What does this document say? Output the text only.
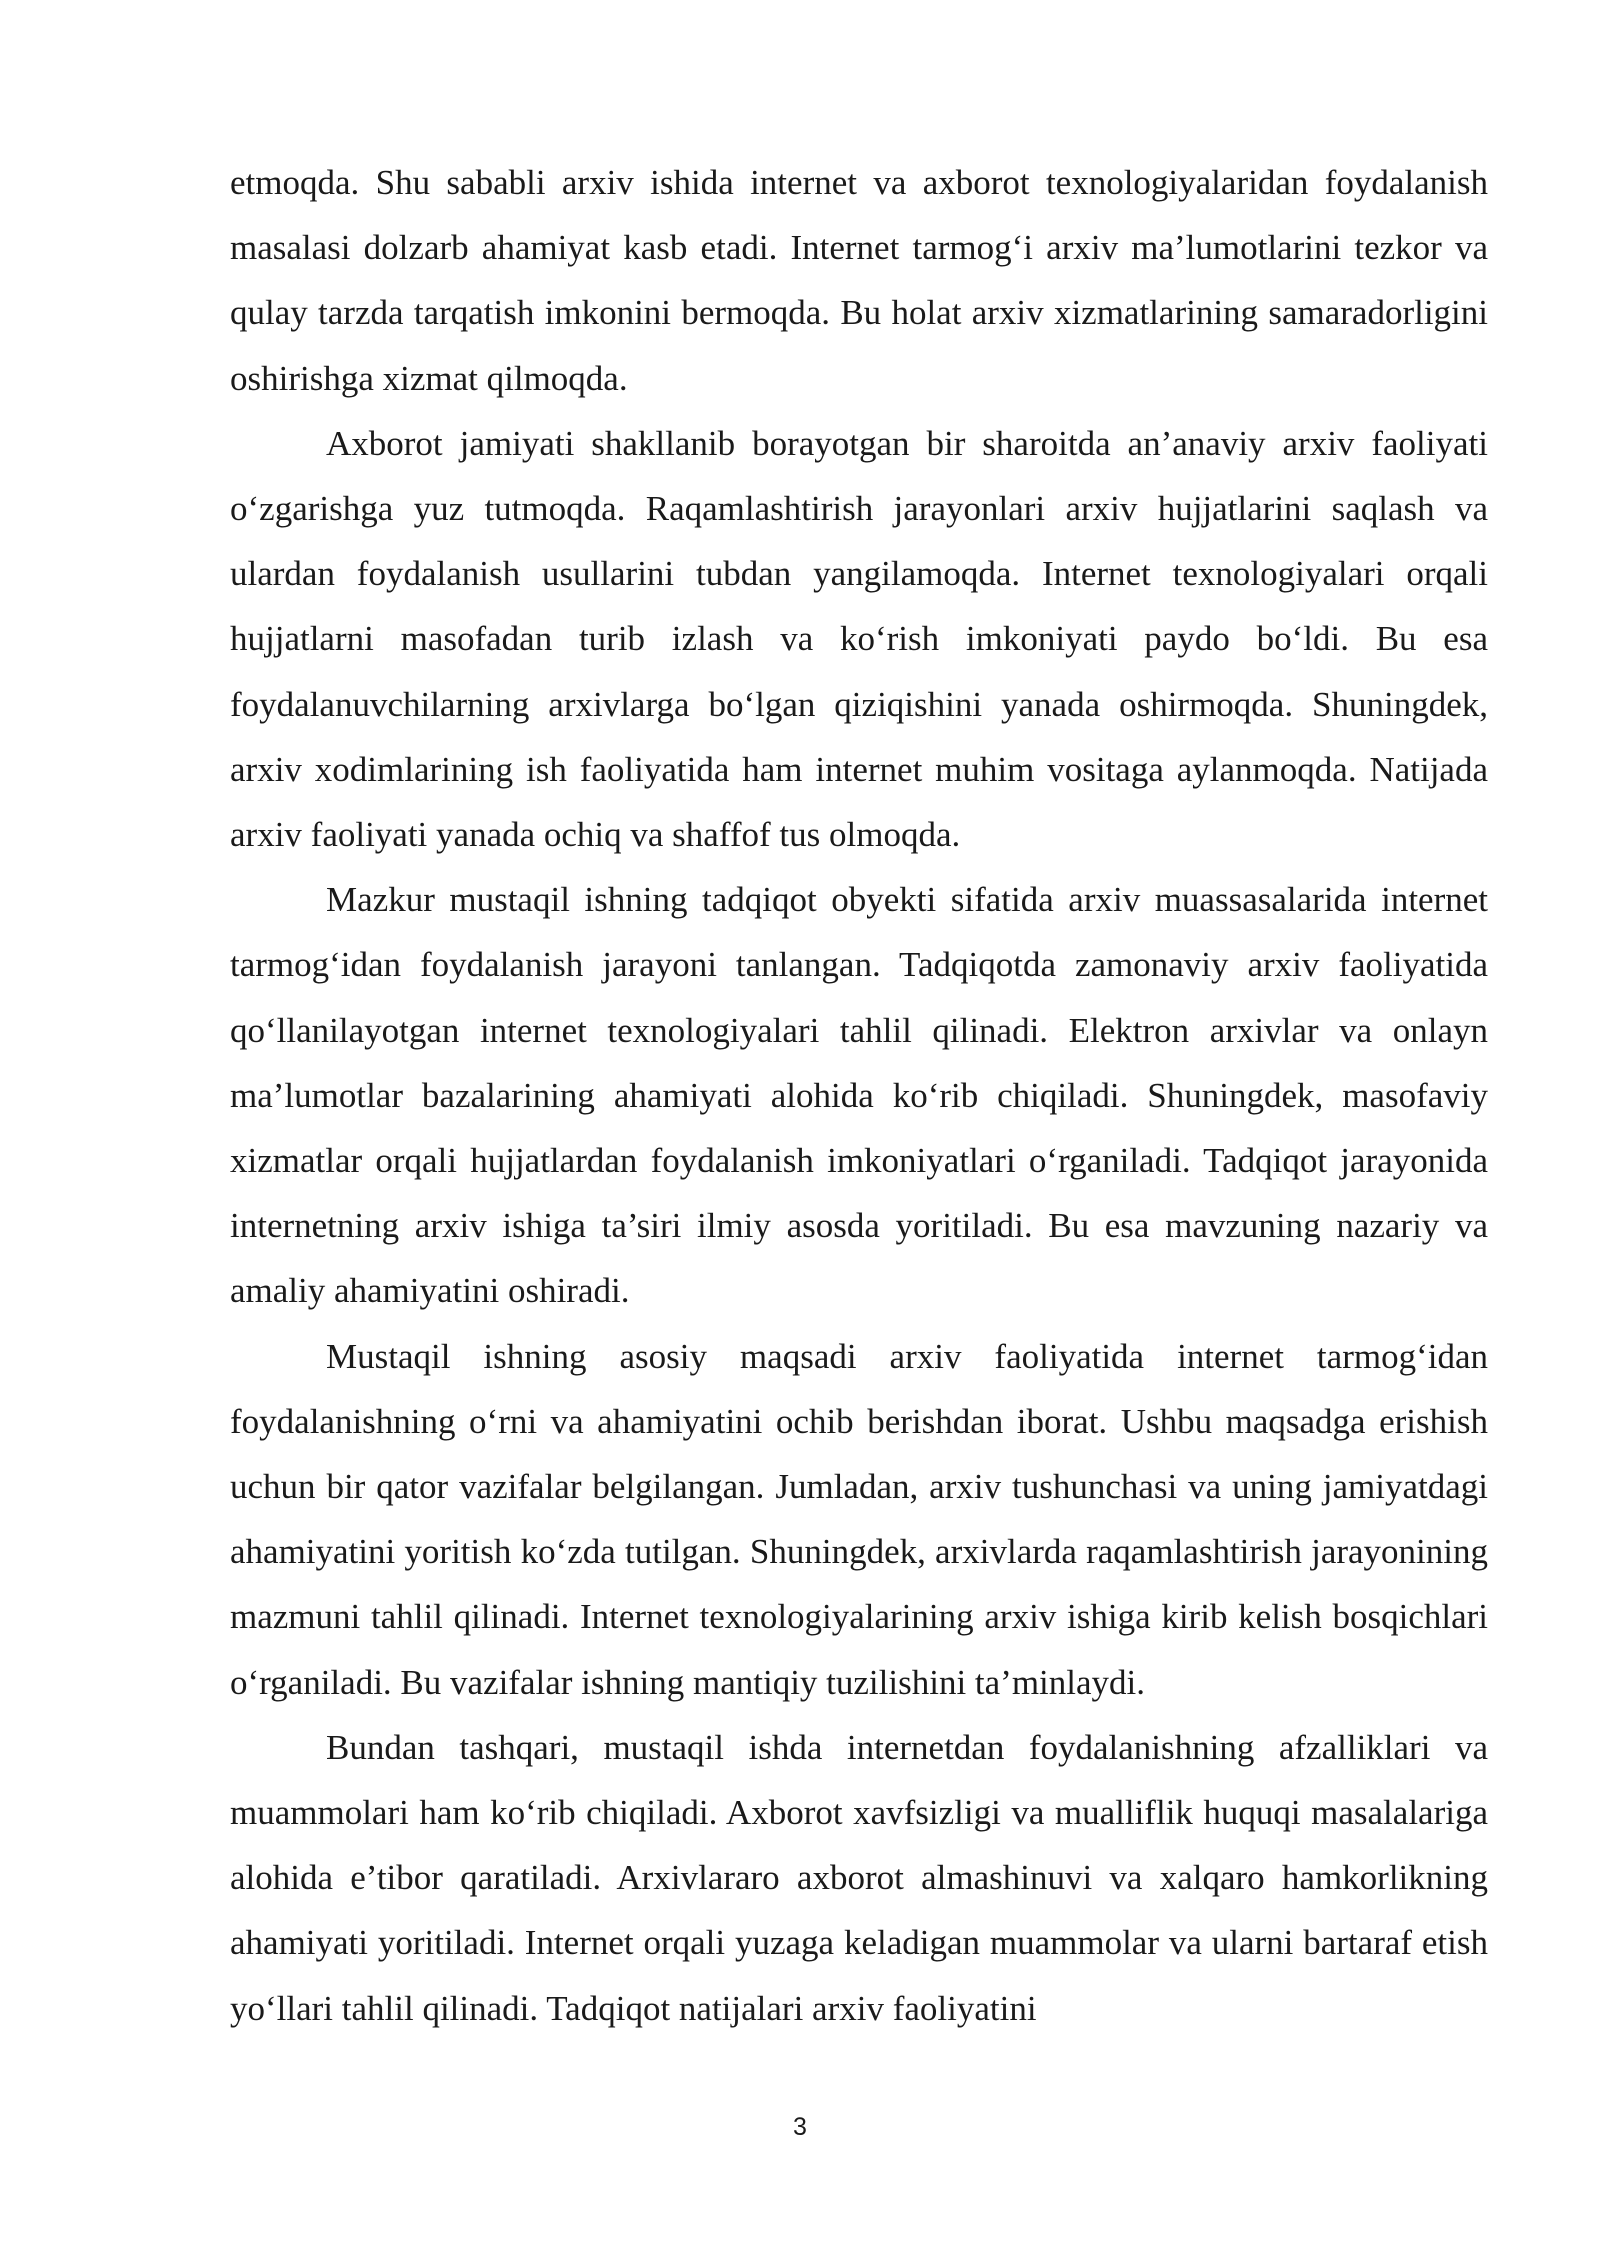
etmoqda. Shu sababli arxiv ishida internet va axborot texnologiyalaridan foydalanish masalasi dolzarb ahamiyat kasb etadi. Internet tarmog‘i arxiv ma’lumotlarini tezkor va qulay tarzda tarqatish imkonini bermoqda. Bu holat arxiv xizmatlarining samaradorligini oshirishga xizmat qilmoqda.

Axborot jamiyati shakllanib borayotgan bir sharoitda an’anaviy arxiv faoliyati o‘zgarishga yuz tutmoqda. Raqamlashtirish jarayonlari arxiv hujjatlarini saqlash va ulardan foydalanish usullarini tubdan yangilamoqda. Internet texnologiyalari orqali hujjatlarni masofadan turib izlash va ko‘rish imkoniyati paydo bo‘ldi. Bu esa foydalanuvchilarning arxivlarga bo‘lgan qiziqishini yanada oshirmoqda. Shuningdek, arxiv xodimlarining ish faoliyatida ham internet muhim vositaga aylanmoqda. Natijada arxiv faoliyati yanada ochiq va shaffof tus olmoqda.

Mazkur mustaqil ishning tadqiqot obyekti sifatida arxiv muassasalarida internet tarmog‘idan foydalanish jarayoni tanlangan. Tadqiqotda zamonaviy arxiv faoliyatida qo‘llanilayotgan internet texnologiyalari tahlil qilinadi. Elektron arxivlar va onlayn ma’lumotlar bazalarining ahamiyati alohida ko‘rib chiqiladi. Shuningdek, masofaviy xizmatlar orqali hujjatlardan foydalanish imkoniyatlari o‘rganiladi. Tadqiqot jarayonida internetning arxiv ishiga ta’siri ilmiy asosda yoritiladi. Bu esa mavzuning nazariy va amaliy ahamiyatini oshiradi.

Mustaqil ishning asosiy maqsadi arxiv faoliyatida internet tarmog‘idan foydalanishning o‘rni va ahamiyatini ochib berishdan iborat. Ushbu maqsadga erishish uchun bir qator vazifalar belgilangan. Jumladan, arxiv tushunchasi va uning jamiyatdagi ahamiyatini yoritish ko‘zda tutilgan. Shuningdek, arxivlarda raqamlashtirish jarayonining mazmuni tahlil qilinadi. Internet texnologiyalarining arxiv ishiga kirib kelish bosqichlari o‘rganiladi. Bu vazifalar ishning mantiqiy tuzilishini ta’minlaydi.

Bundan tashqari, mustaqil ishda internetdan foydalanishning afzalliklari va muammolari ham ko‘rib chiqiladi. Axborot xavfsizligi va mualliflik huquqi masalalariga alohida e’tibor qaratiladi. Arxivlararo axborot almashinuvi va xalqaro hamkorlikning ahamiyati yoritiladi. Internet orqali yuzaga keladigan muammolar va ularni bartaraf etish yo‘llari tahlil qilinadi. Tadqiqot natijalari arxiv faoliyatini

3
